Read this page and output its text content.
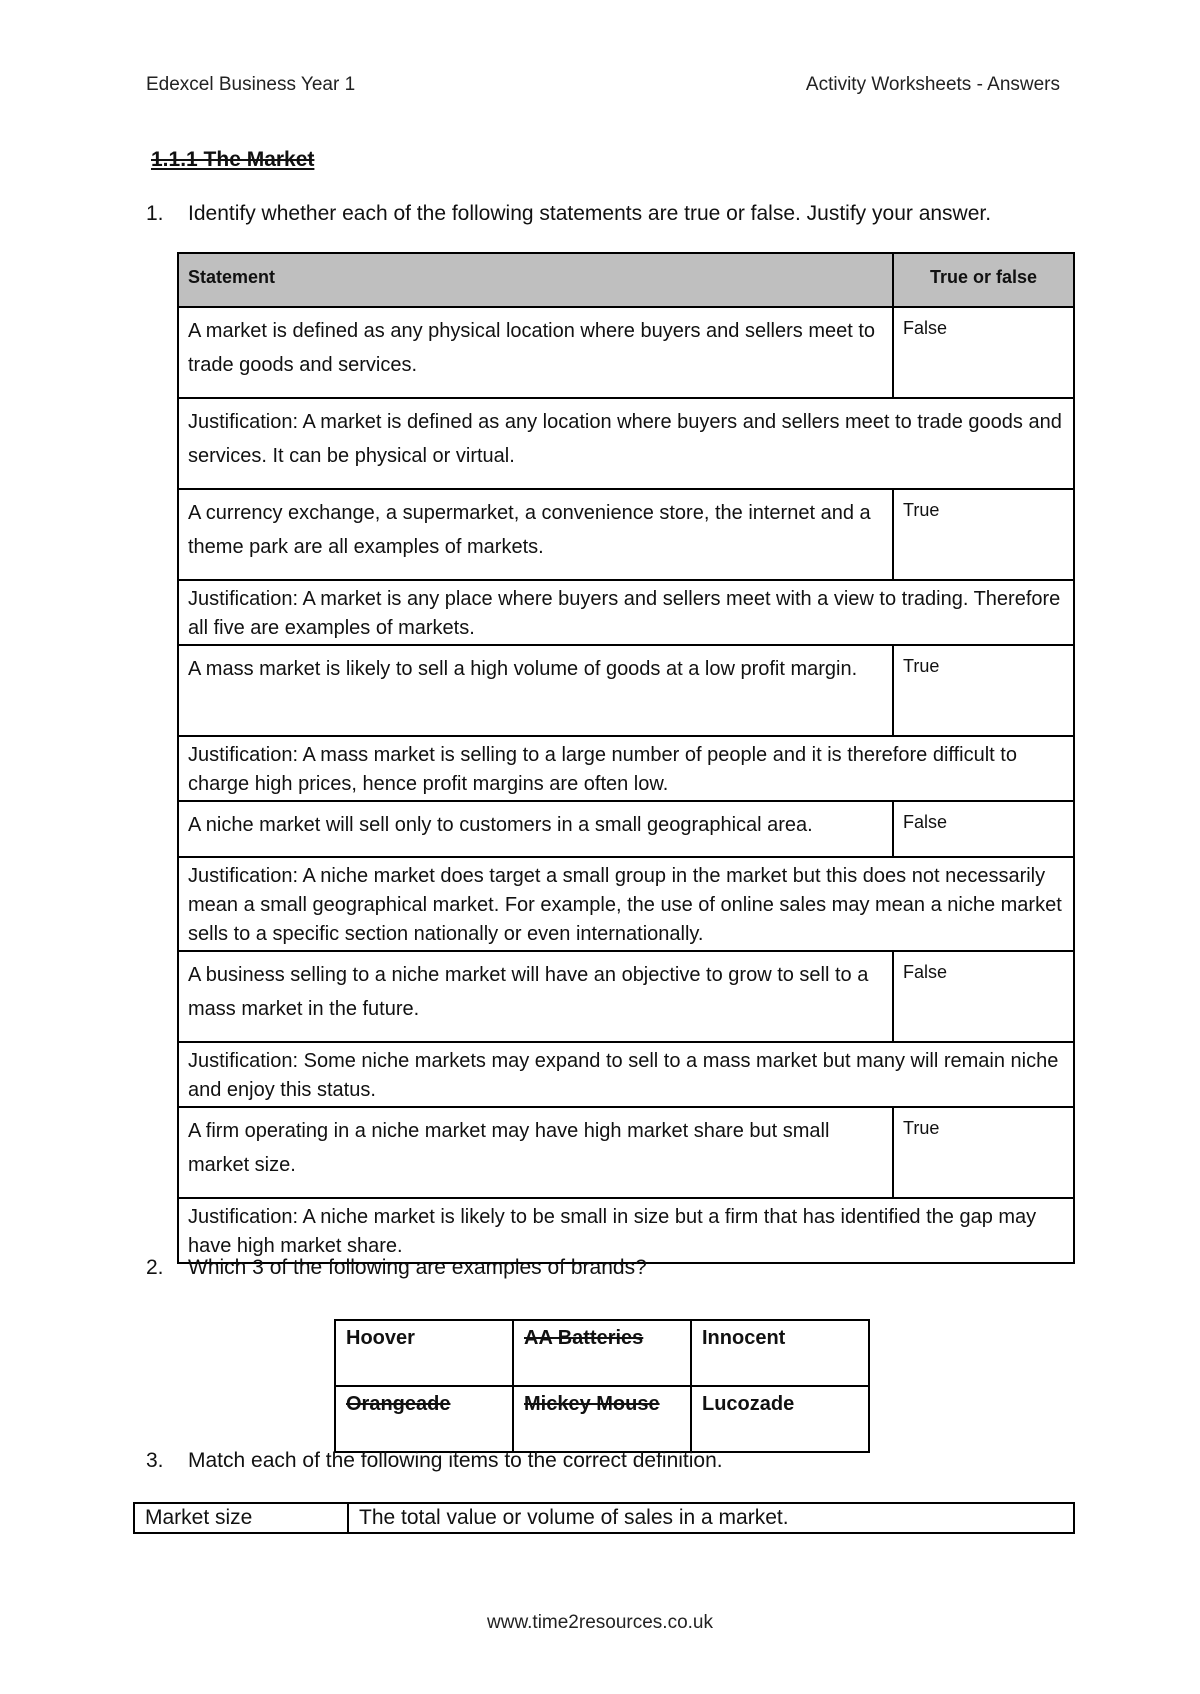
Edexcel Business Year 1	Activity Worksheets - Answers
1.1.1 The Market
1.	Identify whether each of the following statements are true or false. Justify your answer.
Statement	True or false
A market is defined as any physical location where buyers and sellers meet to trade goods and services.	False
Justification: A market is defined as any location where buyers and sellers meet to trade goods and services. It can be physical or virtual.	
A currency exchange, a supermarket, a convenience store, the internet and a theme park are all examples of markets.	True
Justification: A market is any place where buyers and sellers meet with a view to trading. Therefore all five are examples of markets.	
A mass market is likely to sell a high volume of goods at a low profit margin.	True
Justification: A mass market is selling to a large number of people and it is therefore difficult to charge high prices, hence profit margins are often low.	
A niche market will sell only to customers in a small geographical area.	False
Justification: A niche market does target a small group in the market but this does not necessarily mean a small geographical market. For example, the use of online sales may mean a niche market sells to a specific section nationally or even internationally.	
A business selling to a niche market will have an objective to grow to sell to a mass market in the future.	False
Justification: Some niche markets may expand to sell to a mass market but many will remain niche and enjoy this status.	
A firm operating in a niche market may have high market share but small market size.	True
Justification: A niche market is likely to be small in size but a firm that has identified the gap may have high market share.	
2.	Which 3 of the following are examples of brands?
Hoover	AA Batteries	Innocent
Orangeade	Mickey Mouse	Lucozade
3.	Match each of the following items to the correct definition.
Market size	The total value or volume of sales in a market.
www.time2resources.co.uk
